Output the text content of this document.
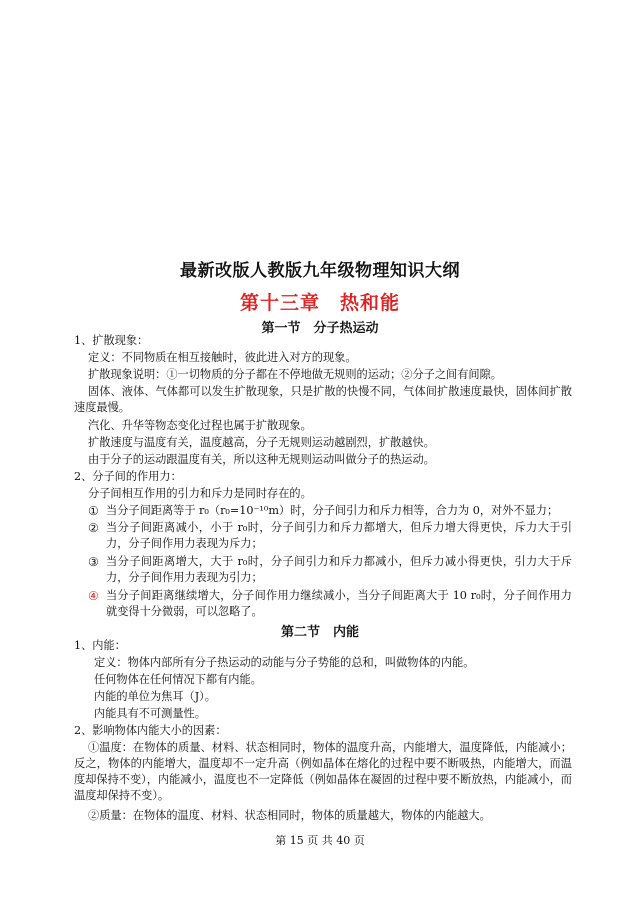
最新改版人教版九年级物理知识大纲
第十三章　热和能
第一节　分子热运动
1、扩散现象：
定义：不同物质在相互接触时，彼此进入对方的现象。
扩散现象说明：①一切物质的分子都在不停地做无规则的运动；②分子之间有间隙。
固体、液体、气体都可以发生扩散现象，只是扩散的快慢不同，气体间扩散速度最快，固体间扩散速度最慢。
汽化、升华等物态变化过程也属于扩散现象。
扩散速度与温度有关，温度越高，分子无规则运动越剧烈，扩散越快。
由于分子的运动跟温度有关，所以这种无规则运动叫做分子的热运动。
2、分子间的作用力：
分子间相互作用的引力和斥力是同时存在的。
① 当分子间距离等于 r₀（r₀=10⁻¹⁰m）时，分子间引力和斥力相等，合力为 0，对外不显力；
② 当分子间距离减小，小于 r₀时，分子间引力和斥力都增大，但斥力增大得更快，斥力大于引力，分子间作用力表现为斥力；
③ 当分子间距离增大，大于 r₀时，分子间引力和斥力都减小，但斥力减小得更快，引力大于斥力，分子间作用力表现为引力；
④ 当分子间距离继续增大，分子间作用力继续减小，当分子间距离大于 10 r₀时，分子间作用力就变得十分微弱，可以忽略了。
第二节　内能
1、内能：
定义：物体内部所有分子热运动的动能与分子势能的总和，叫做物体的内能。
任何物体在任何情况下都有内能。
内能的单位为焦耳（J）。
内能具有不可测量性。
2、影响物体内能大小的因素：
①温度：在物体的质量、材料、状态相同时，物体的温度升高，内能增大，温度降低，内能减小；反之，物体的内能增大，温度却不一定升高（例如晶体在熔化的过程中要不断吸热，内能增大，而温度却保持不变），内能减小，温度也不一定降低（例如晶体在凝固的过程中要不断放热，内能减小，而温度却保持不变）。
②质量：在物体的温度、材料、状态相同时，物体的质量越大，物体的内能越大。
第 15 页 共 40 页
